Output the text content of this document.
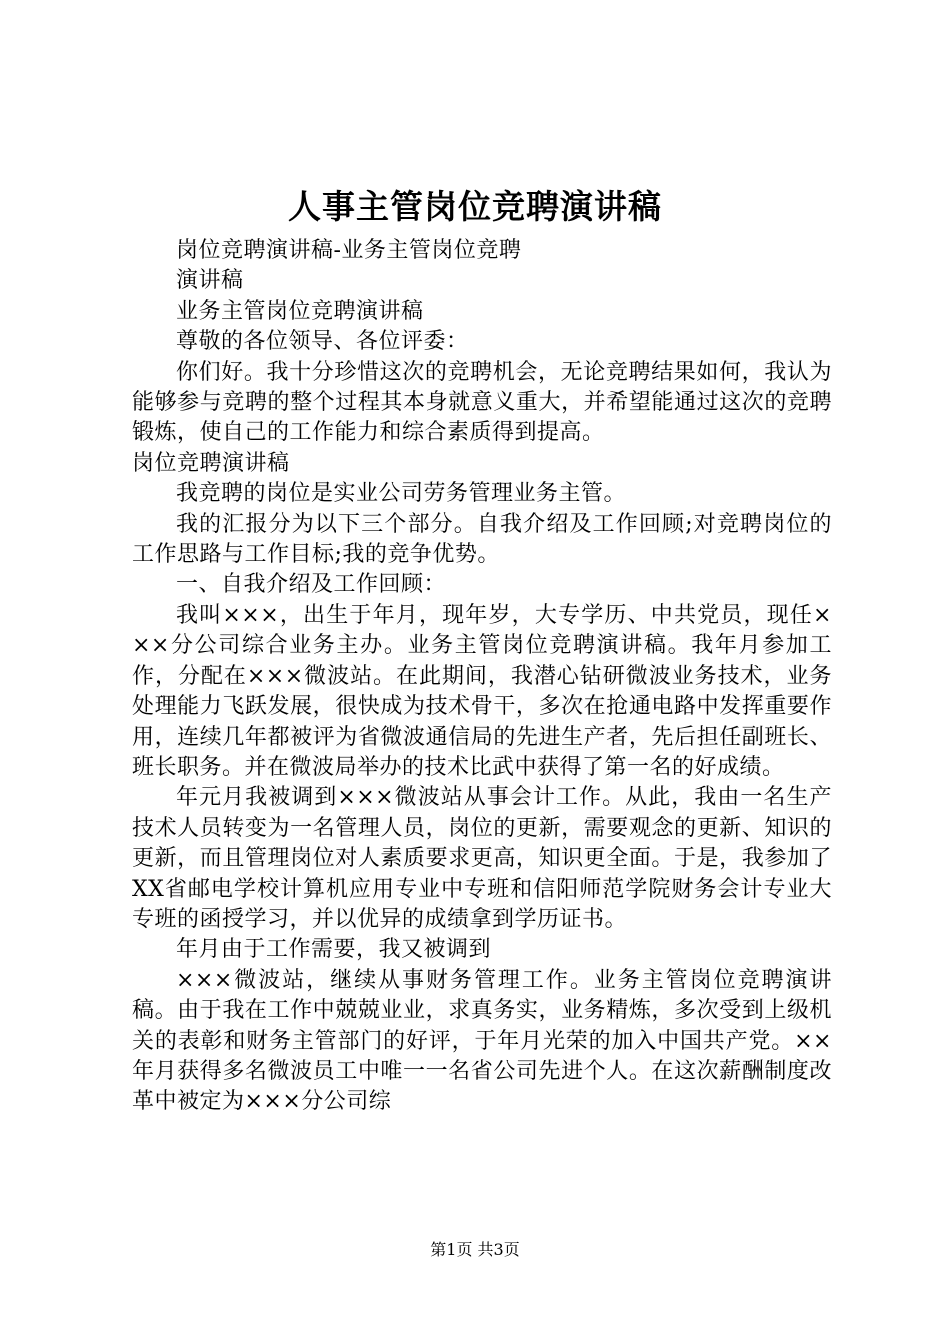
人事主管岗位竞聘演讲稿

岗位竞聘演讲稿-业务主管岗位竞聘

演讲稿

业务主管岗位竞聘演讲稿

尊敬的各位领导、各位评委：

你们好。我十分珍惜这次的竞聘机会，无论竞聘结果如何，我认为能够参与竞聘的整个过程其本身就意义重大，并希望能通过这次的竞聘锻炼，使自己的工作能力和综合素质得到提高。

岗位竞聘演讲稿

我竞聘的岗位是实业公司劳务管理业务主管。

我的汇报分为以下三个部分。自我介绍及工作回顾;对竞聘岗位的工作思路与工作目标;我的竞争优势。

一、自我介绍及工作回顾：

我叫×××，出生于年月，现年岁，大专学历、中共党员，现任×××分公司综合业务主办。业务主管岗位竞聘演讲稿。我年月参加工作，分配在×××微波站。在此期间，我潜心钻研微波业务技术，业务处理能力飞跃发展，很快成为技术骨干，多次在抢通电路中发挥重要作用，连续几年都被评为省微波通信局的先进生产者，先后担任副班长、班长职务。并在微波局举办的技术比武中获得了第一名的好成绩。

年元月我被调到×××微波站从事会计工作。从此，我由一名生产技术人员转变为一名管理人员，岗位的更新，需要观念的更新、知识的更新，而且管理岗位对人素质要求更高，知识更全面。于是，我参加了XX省邮电学校计算机应用专业中专班和信阳师范学院财务会计专业大专班的函授学习，并以优异的成绩拿到学历证书。

年月由于工作需要，我又被调到

×××微波站，继续从事财务管理工作。业务主管岗位竞聘演讲稿。由于我在工作中兢兢业业，求真务实，业务精炼，多次受到上级机关的表彰和财务主管部门的好评，于年月光荣的加入中国共产党。××年月获得多名微波员工中唯一一名省公司先进个人。在这次薪酬制度改革中被定为×××分公司综

第1页 共3页
